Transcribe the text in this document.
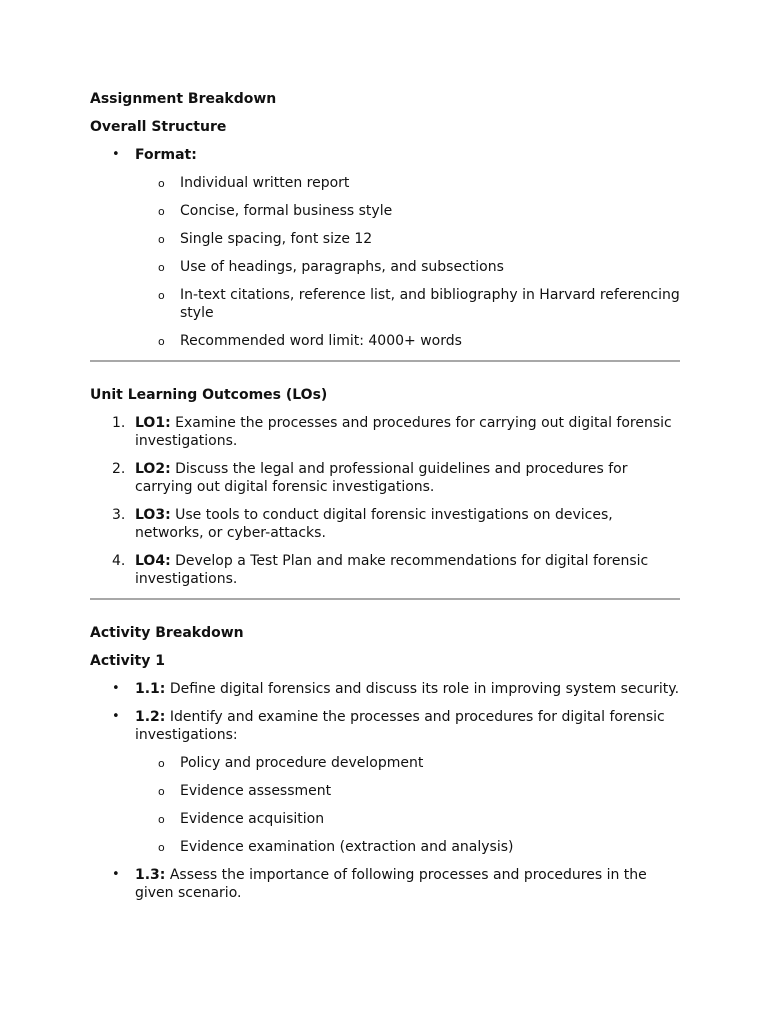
Assignment Breakdown
Overall Structure
• Format:
o Individual written report
o Concise, formal business style
o Single spacing, font size 12
o Use of headings, paragraphs, and subsections
o In-text citations, reference list, and bibliography in Harvard referencing style
o Recommended word limit: 4000+ words
Unit Learning Outcomes (LOs)
1. LO1: Examine the processes and procedures for carrying out digital forensic investigations.
2. LO2: Discuss the legal and professional guidelines and procedures for carrying out digital forensic investigations.
3. LO3: Use tools to conduct digital forensic investigations on devices, networks, or cyber-attacks.
4. LO4: Develop a Test Plan and make recommendations for digital forensic investigations.
Activity Breakdown
Activity 1
• 1.1: Define digital forensics and discuss its role in improving system security.
• 1.2: Identify and examine the processes and procedures for digital forensic investigations:
o Policy and procedure development
o Evidence assessment
o Evidence acquisition
o Evidence examination (extraction and analysis)
• 1.3: Assess the importance of following processes and procedures in the given scenario.
